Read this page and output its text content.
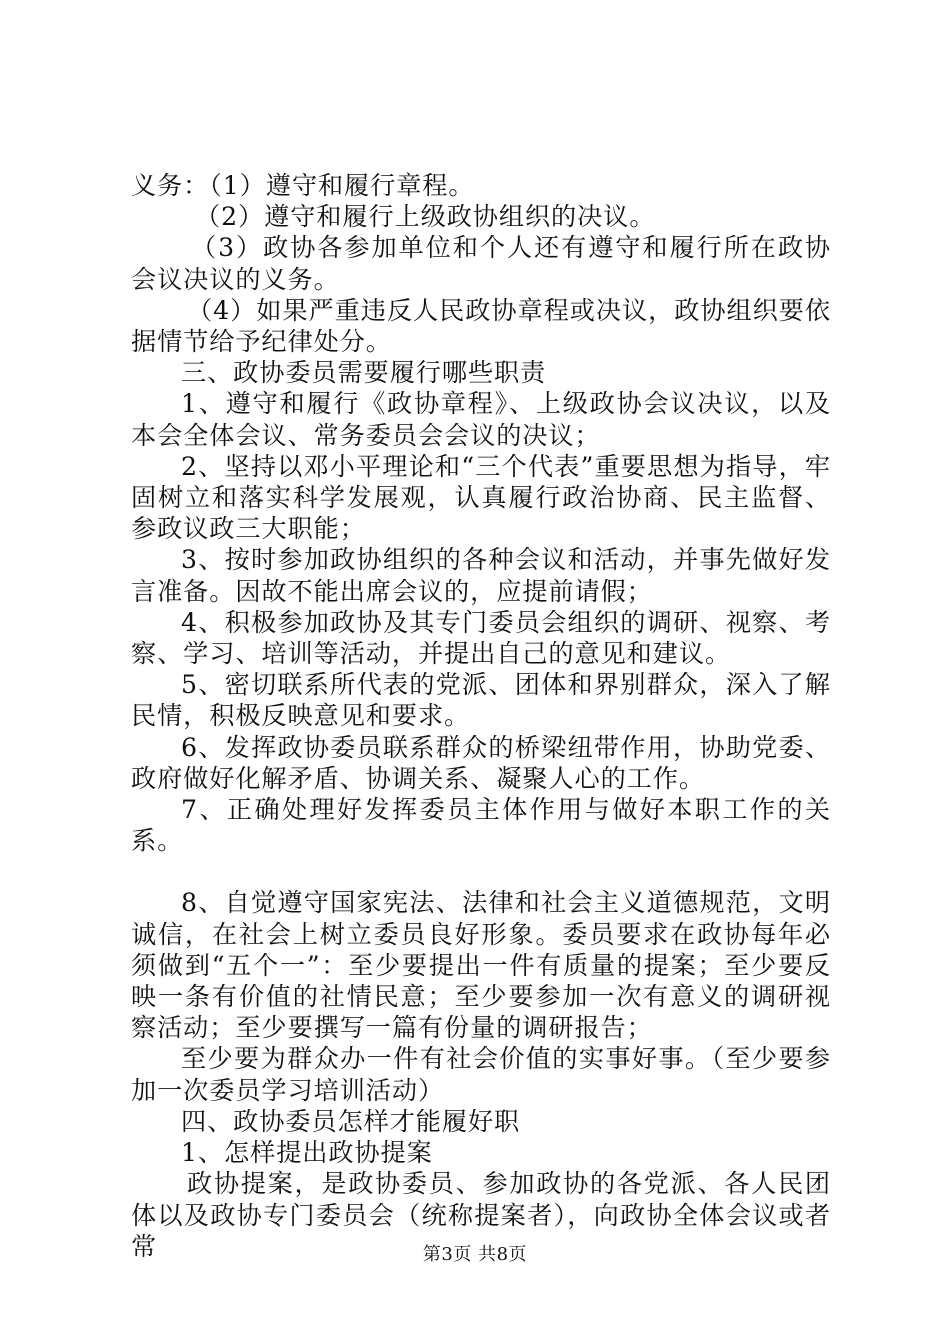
义务：（1）遵守和履行章程。

（2）遵守和履行上级政协组织的决议。

（3）政协各参加单位和个人还有遵守和履行所在政协会议决议的义务。

（4）如果严重违反人民政协章程或决议，政协组织要依据情节给予纪律处分。

三、政协委员需要履行哪些职责

1、遵守和履行《政协章程》、上级政协会议决议，以及本会全体会议、常务委员会会议的决议；

2、坚持以邓小平理论和“三个代表”重要思想为指导，牢固树立和落实科学发展观，认真履行政治协商、民主监督、参政议政三大职能；

3、按时参加政协组织的各种会议和活动，并事先做好发言准备。因故不能出席会议的，应提前请假；

4、积极参加政协及其专门委员会组织的调研、视察、考察、学习、培训等活动，并提出自己的意见和建议。

5、密切联系所代表的党派、团体和界别群众，深入了解民情，积极反映意见和要求。

6、发挥政协委员联系群众的桥梁纽带作用，协助党委、政府做好化解矛盾、协调关系、凝聚人心的工作。

7、正确处理好发挥委员主体作用与做好本职工作的关系。

8、自觉遵守国家宪法、法律和社会主义道德规范，文明诚信，在社会上树立委员良好形象。委员要求在政协每年必须做到“五个一”：至少要提出一件有质量的提案；至少要反映一条有价值的社情民意；至少要参加一次有意义的调研视察活动；至少要撰写一篇有份量的调研报告；

至少要为群众办一件有社会价值的实事好事。（至少要参加一次委员学习培训活动）

四、政协委员怎样才能履好职

1、怎样提出政协提案

政协提案，是政协委员、参加政协的各党派、各人民团体以及政协专门委员会（统称提案者），向政协全体会议或者常	第3页 共8页
